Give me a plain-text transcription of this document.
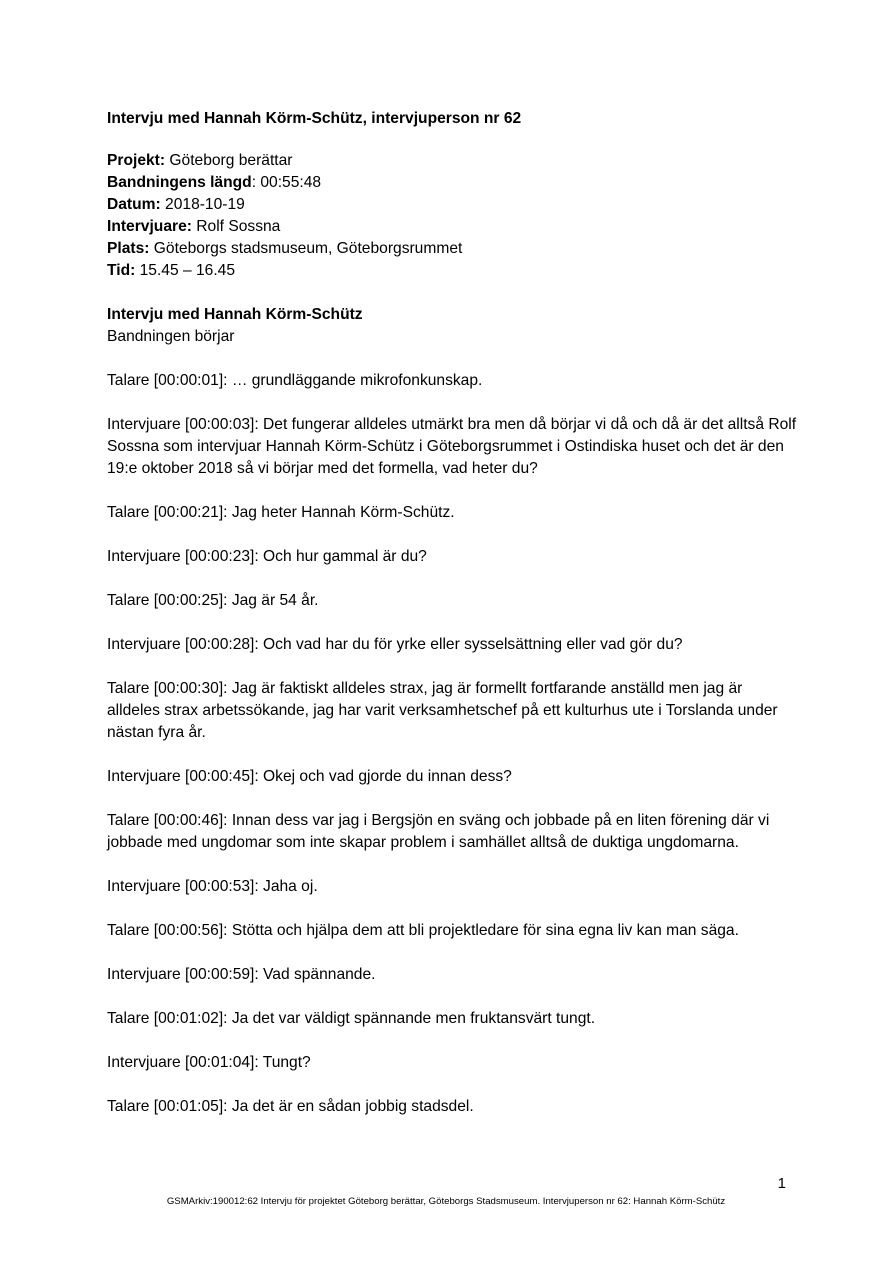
Intervju med Hannah Körm-Schütz, intervjuperson nr 62
Projekt: Göteborg berättar
Bandningens längd: 00:55:48
Datum: 2018-10-19
Intervjuare: Rolf Sossna
Plats: Göteborgs stadsmuseum, Göteborgsrummet
Tid: 15.45 – 16.45
Intervju med Hannah Körm-Schütz
Bandningen börjar

Talare [00:00:01]: … grundläggande mikrofonkunskap.

Intervjuare [00:00:03]: Det fungerar alldeles utmärkt bra men då börjar vi då och då är det alltså Rolf Sossna som intervjuar Hannah Körm-Schütz i Göteborgsrummet i Ostindiska huset och det är den 19:e oktober 2018 så vi börjar med det formella, vad heter du?

Talare [00:00:21]: Jag heter Hannah Körm-Schütz.

Intervjuare [00:00:23]: Och hur gammal är du?

Talare [00:00:25]: Jag är 54 år.

Intervjuare [00:00:28]: Och vad har du för yrke eller sysselsättning eller vad gör du?

Talare [00:00:30]: Jag är faktiskt alldeles strax, jag är formellt fortfarande anställd men jag är alldeles strax arbetssökande, jag har varit verksamhetschef på ett kulturhus ute i Torslanda under nästan fyra år.

Intervjuare [00:00:45]: Okej och vad gjorde du innan dess?

Talare [00:00:46]: Innan dess var jag i Bergsjön en sväng och jobbade på en liten förening där vi jobbade med ungdomar som inte skapar problem i samhället alltså de duktiga ungdomarna.

Intervjuare [00:00:53]: Jaha oj.

Talare [00:00:56]: Stötta och hjälpa dem att bli projektledare för sina egna liv kan man säga.

Intervjuare [00:00:59]: Vad spännande.

Talare [00:01:02]: Ja det var väldigt spännande men fruktansvärt tungt.

Intervjuare [00:01:04]: Tungt?

Talare [00:01:05]: Ja det är en sådan jobbig stadsdel.

1
GSMArkiv:190012:62 Intervju för projektet Göteborg berättar, Göteborgs Stadsmuseum. Intervjuperson nr 62: Hannah Körm-Schütz
